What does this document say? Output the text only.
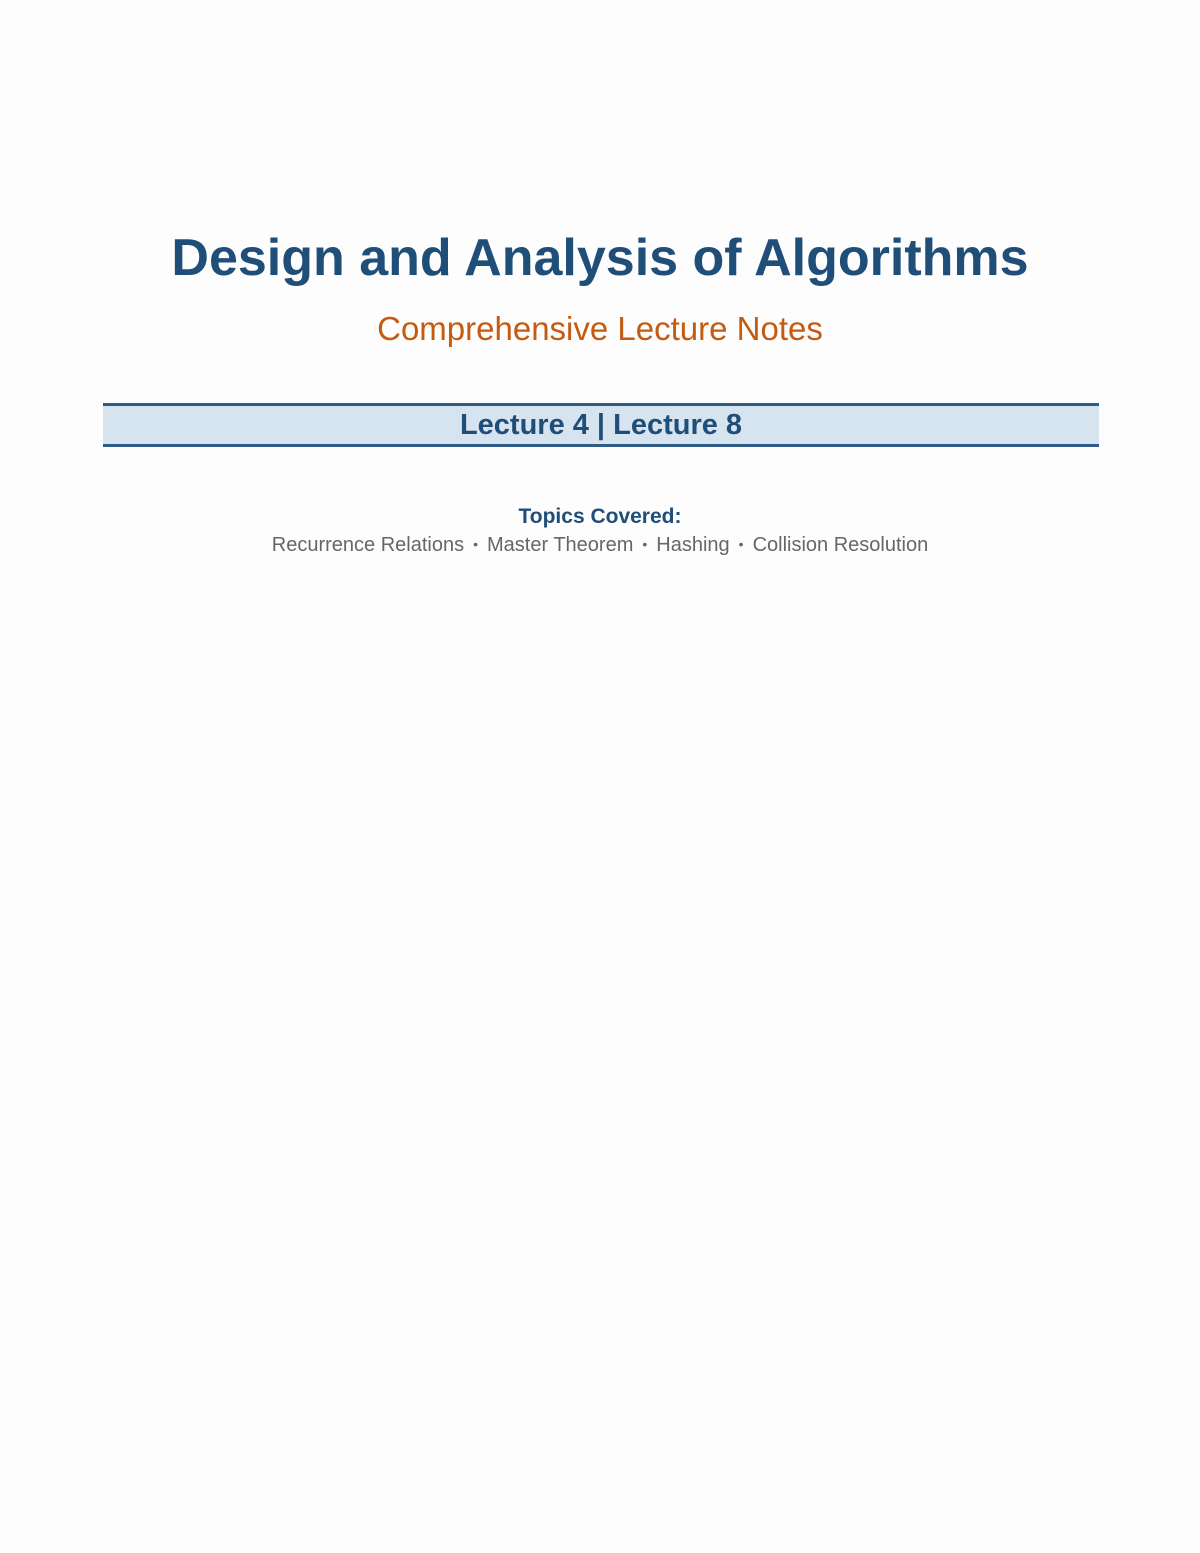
Design and Analysis of Algorithms
Comprehensive Lecture Notes
Lecture 4 | Lecture 8
Topics Covered:
Recurrence Relations • Master Theorem • Hashing • Collision Resolution
